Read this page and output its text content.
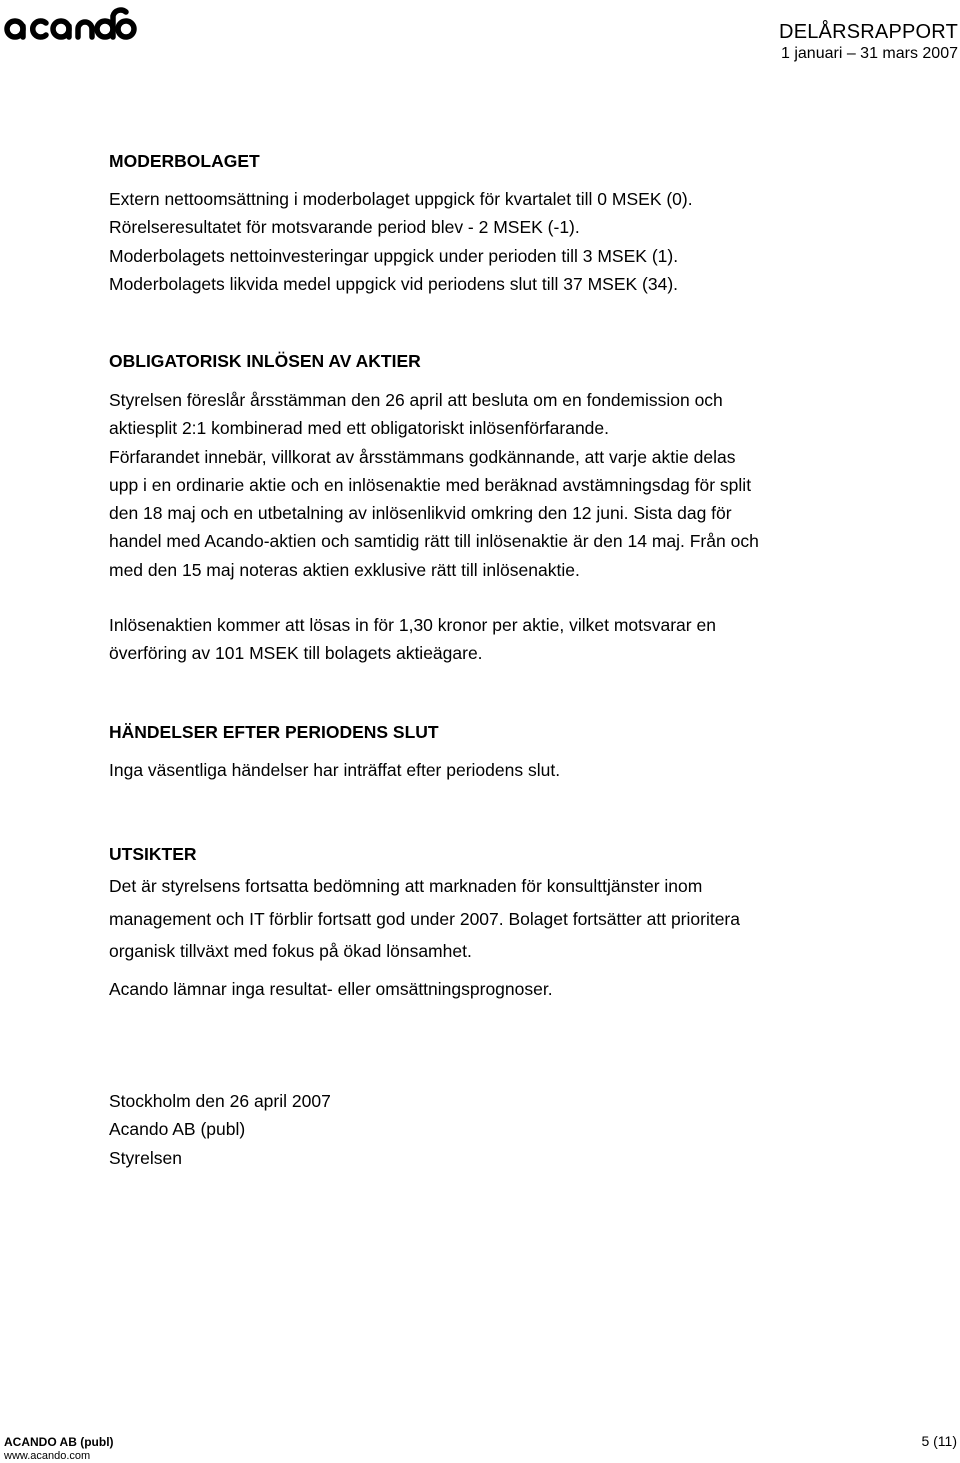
DELÅRSRAPPORT
1 januari – 31 mars 2007
MODERBOLAGET
Extern nettoomsättning i moderbolaget uppgick för kvartalet till 0 MSEK (0).
Rörelseresultatet för motsvarande period blev - 2 MSEK (-1).
Moderbolagets nettoinvesteringar uppgick under perioden till 3 MSEK (1).
Moderbolagets likvida medel uppgick vid periodens slut till 37 MSEK (34).
OBLIGATORISK INLÖSEN AV AKTIER
Styrelsen föreslår årsstämman den 26 april att besluta om en fondemission och
aktiesplit 2:1 kombinerad med ett obligatoriskt inlösenförfarande.
Förfarandet innebär, villkorat av årsstämmans godkännande, att varje aktie delas
upp i en ordinarie aktie och en inlösenaktie med beräknad avstämningsdag för split
den 18 maj och en utbetalning av inlösenlikvid omkring den 12 juni. Sista dag för
handel med Acando-aktien och samtidig rätt till inlösenaktie är den 14 maj. Från och
med den 15 maj noteras aktien exklusive rätt till inlösenaktie.
Inlösenaktien kommer att lösas in för 1,30 kronor per aktie, vilket motsvarar en
överföring av 101 MSEK till bolagets aktieägare.
HÄNDELSER EFTER PERIODENS SLUT
Inga väsentliga händelser har inträffat efter periodens slut.
UTSIKTER
Det är styrelsens fortsatta bedömning att marknaden för konsulttjänster inom
management och IT förblir fortsatt god under 2007. Bolaget fortsätter att prioritera
organisk tillväxt med fokus på ökad lönsamhet.
Acando lämnar inga resultat- eller omsättningsprognoser.
Stockholm den 26 april 2007
Acando AB (publ)
Styrelsen
ACANDO AB (publ)
www.acando.com
5 (11)
